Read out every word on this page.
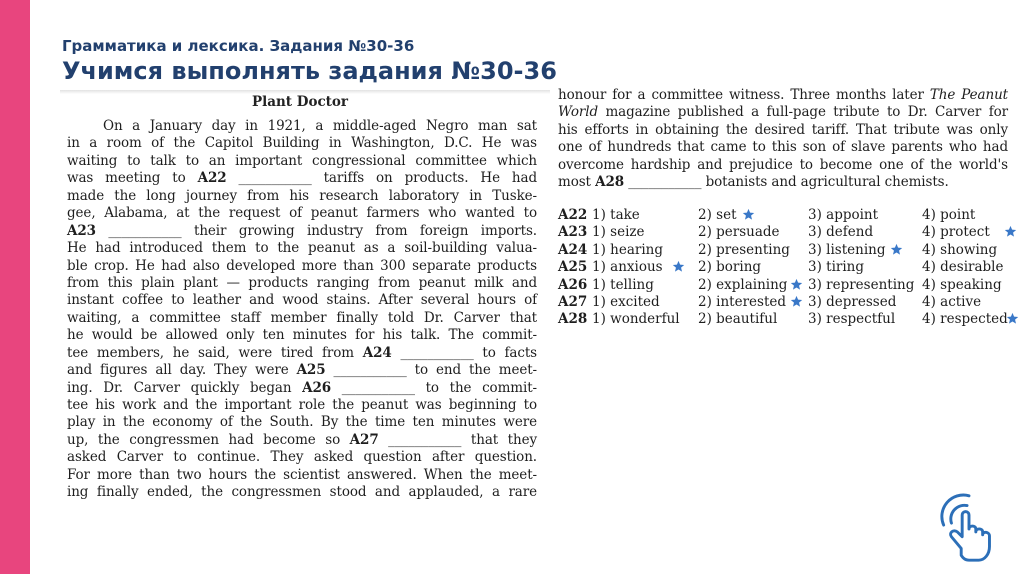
Грамматика и лексика. Задания №30-36
Учимся выполнять задания №30-36
Plant Doctor
On a January day in 1921, a middle-aged Negro man sat
in a room of the Capitol Building in Washington, D.C. He was
waiting to talk to an important congressional committee which
was meeting to A22 ___________ tariffs on products. He had
made the long journey from his research laboratory in Tuske-
gee, Alabama, at the request of peanut farmers who wanted to
A23 ___________ their growing industry from foreign imports.
He had introduced them to the peanut as a soil-building valua-
ble crop. He had also developed more than 300 separate products
from this plain plant — products ranging from peanut milk and
instant coffee to leather and wood stains. After several hours of
waiting, a committee staff member finally told Dr. Carver that
he would be allowed only ten minutes for his talk. The commit-
tee members, he said, were tired from A24 ___________ to facts
and figures all day. They were A25 ___________ to end the meet-
ing. Dr. Carver quickly began A26 ___________ to the commit-
tee his work and the important role the peanut was beginning to
play in the economy of the South. By the time ten minutes were
up, the congressmen had become so A27 ___________ that they
asked Carver to continue. They asked question after question.
For more than two hours the scientist answered. When the meet-
ing finally ended, the congressmen stood and applauded, a rare
honour for a committee witness. Three months later The Peanut
World magazine published a full-page tribute to Dr. Carver for
his efforts in obtaining the desired tariff. That tribute was only
one of hundreds that came to this son of slave parents who had
overcome hardship and prejudice to become one of the world's
most A28 ___________ botanists and agricultural chemists.
A22 1) take	2) set	3) appoint	4) point
A23 1) seize	2) persuade 3) defend	4) protect
A24 1) hearing	2) presenting 3) listening	4) showing
A25 1) anxious	2) boring	3) tiring	4) desirable
A26 1) telling	2) explaining 3) representing 4) speaking
A27 1) excited	2) interested 3) depressed 4) active
A28 1) wonderful 2) beautiful 3) respectful 4) respected
